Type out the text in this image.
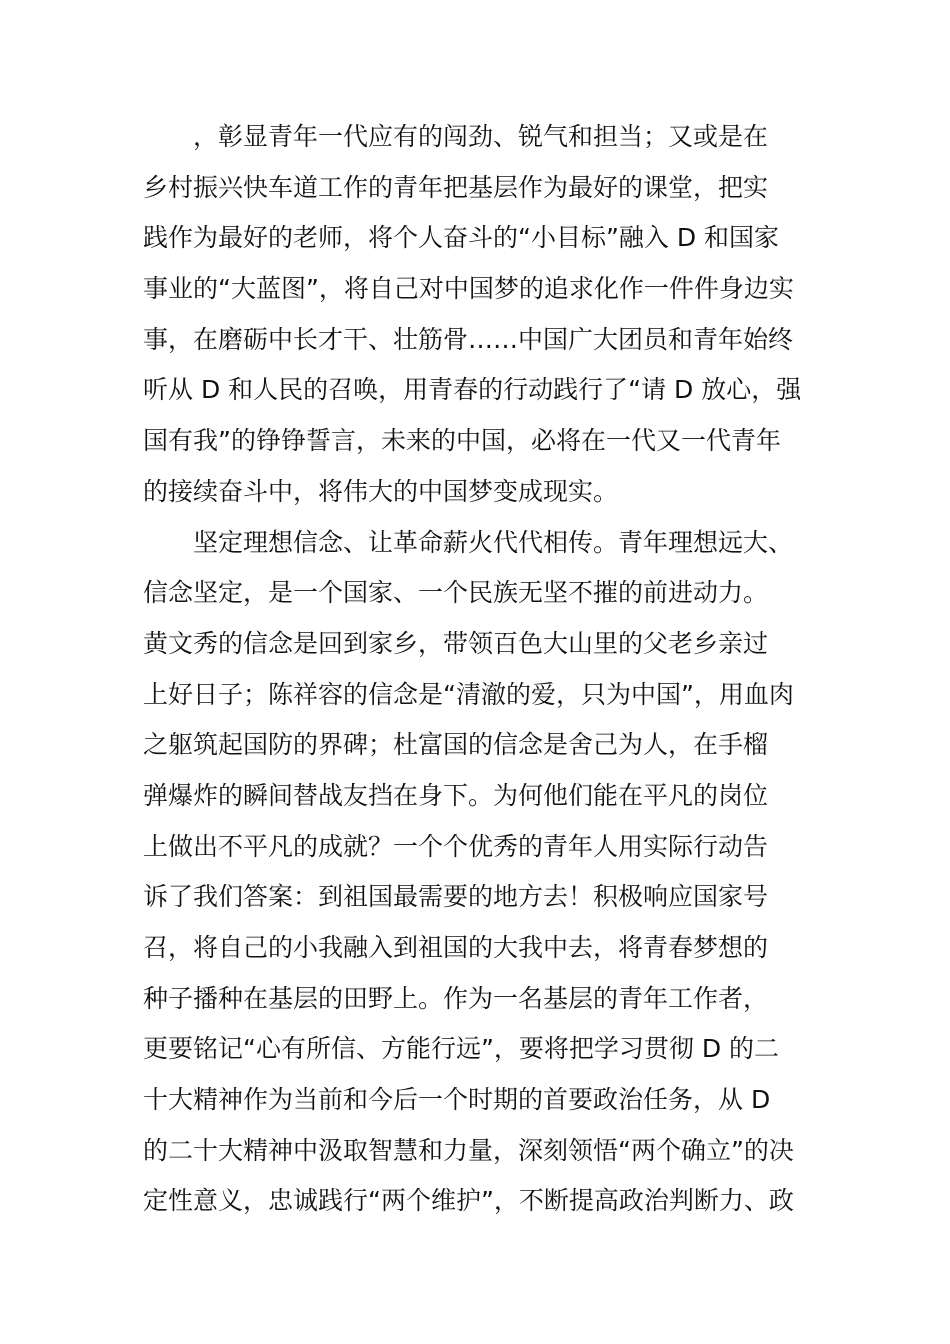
，彰显青年一代应有的闯劲、锐气和担当；又或是在
乡村振兴快车道工作的青年把基层作为最好的课堂，把实
践作为最好的老师，将个人奋斗的“小目标”融入 D 和国家
事业的“大蓝图”，将自己对中国梦的追求化作一件件身边实
事，在磨砺中长才干、壮筋骨……中国广大团员和青年始终
听从 D 和人民的召唤，用青春的行动践行了“请 D 放心，强
国有我”的铮铮誓言，未来的中国，必将在一代又一代青年
的接续奋斗中，将伟大的中国梦变成现实。
坚定理想信念、让革命薪火代代相传。青年理想远大、
信念坚定，是一个国家、一个民族无坚不摧的前进动力。
黄文秀的信念是回到家乡，带领百色大山里的父老乡亲过
上好日子；陈祥容的信念是“清澈的爱，只为中国”，用血肉
之躯筑起国防的界碑；杜富国的信念是舍己为人，在手榴
弹爆炸的瞬间替战友挡在身下。为何他们能在平凡的岗位
上做出不平凡的成就？一个个优秀的青年人用实际行动告
诉了我们答案：到祖国最需要的地方去！积极响应国家号
召，将自己的小我融入到祖国的大我中去，将青春梦想的
种子播种在基层的田野上。作为一名基层的青年工作者，
更要铭记“心有所信、方能行远”，要将把学习贯彻 D 的二
十大精神作为当前和今后一个时期的首要政治任务，从 D
的二十大精神中汲取智慧和力量，深刻领悟“两个确立”的决
定性意义，忠诚践行“两个维护”，不断提高政治判断力、政
